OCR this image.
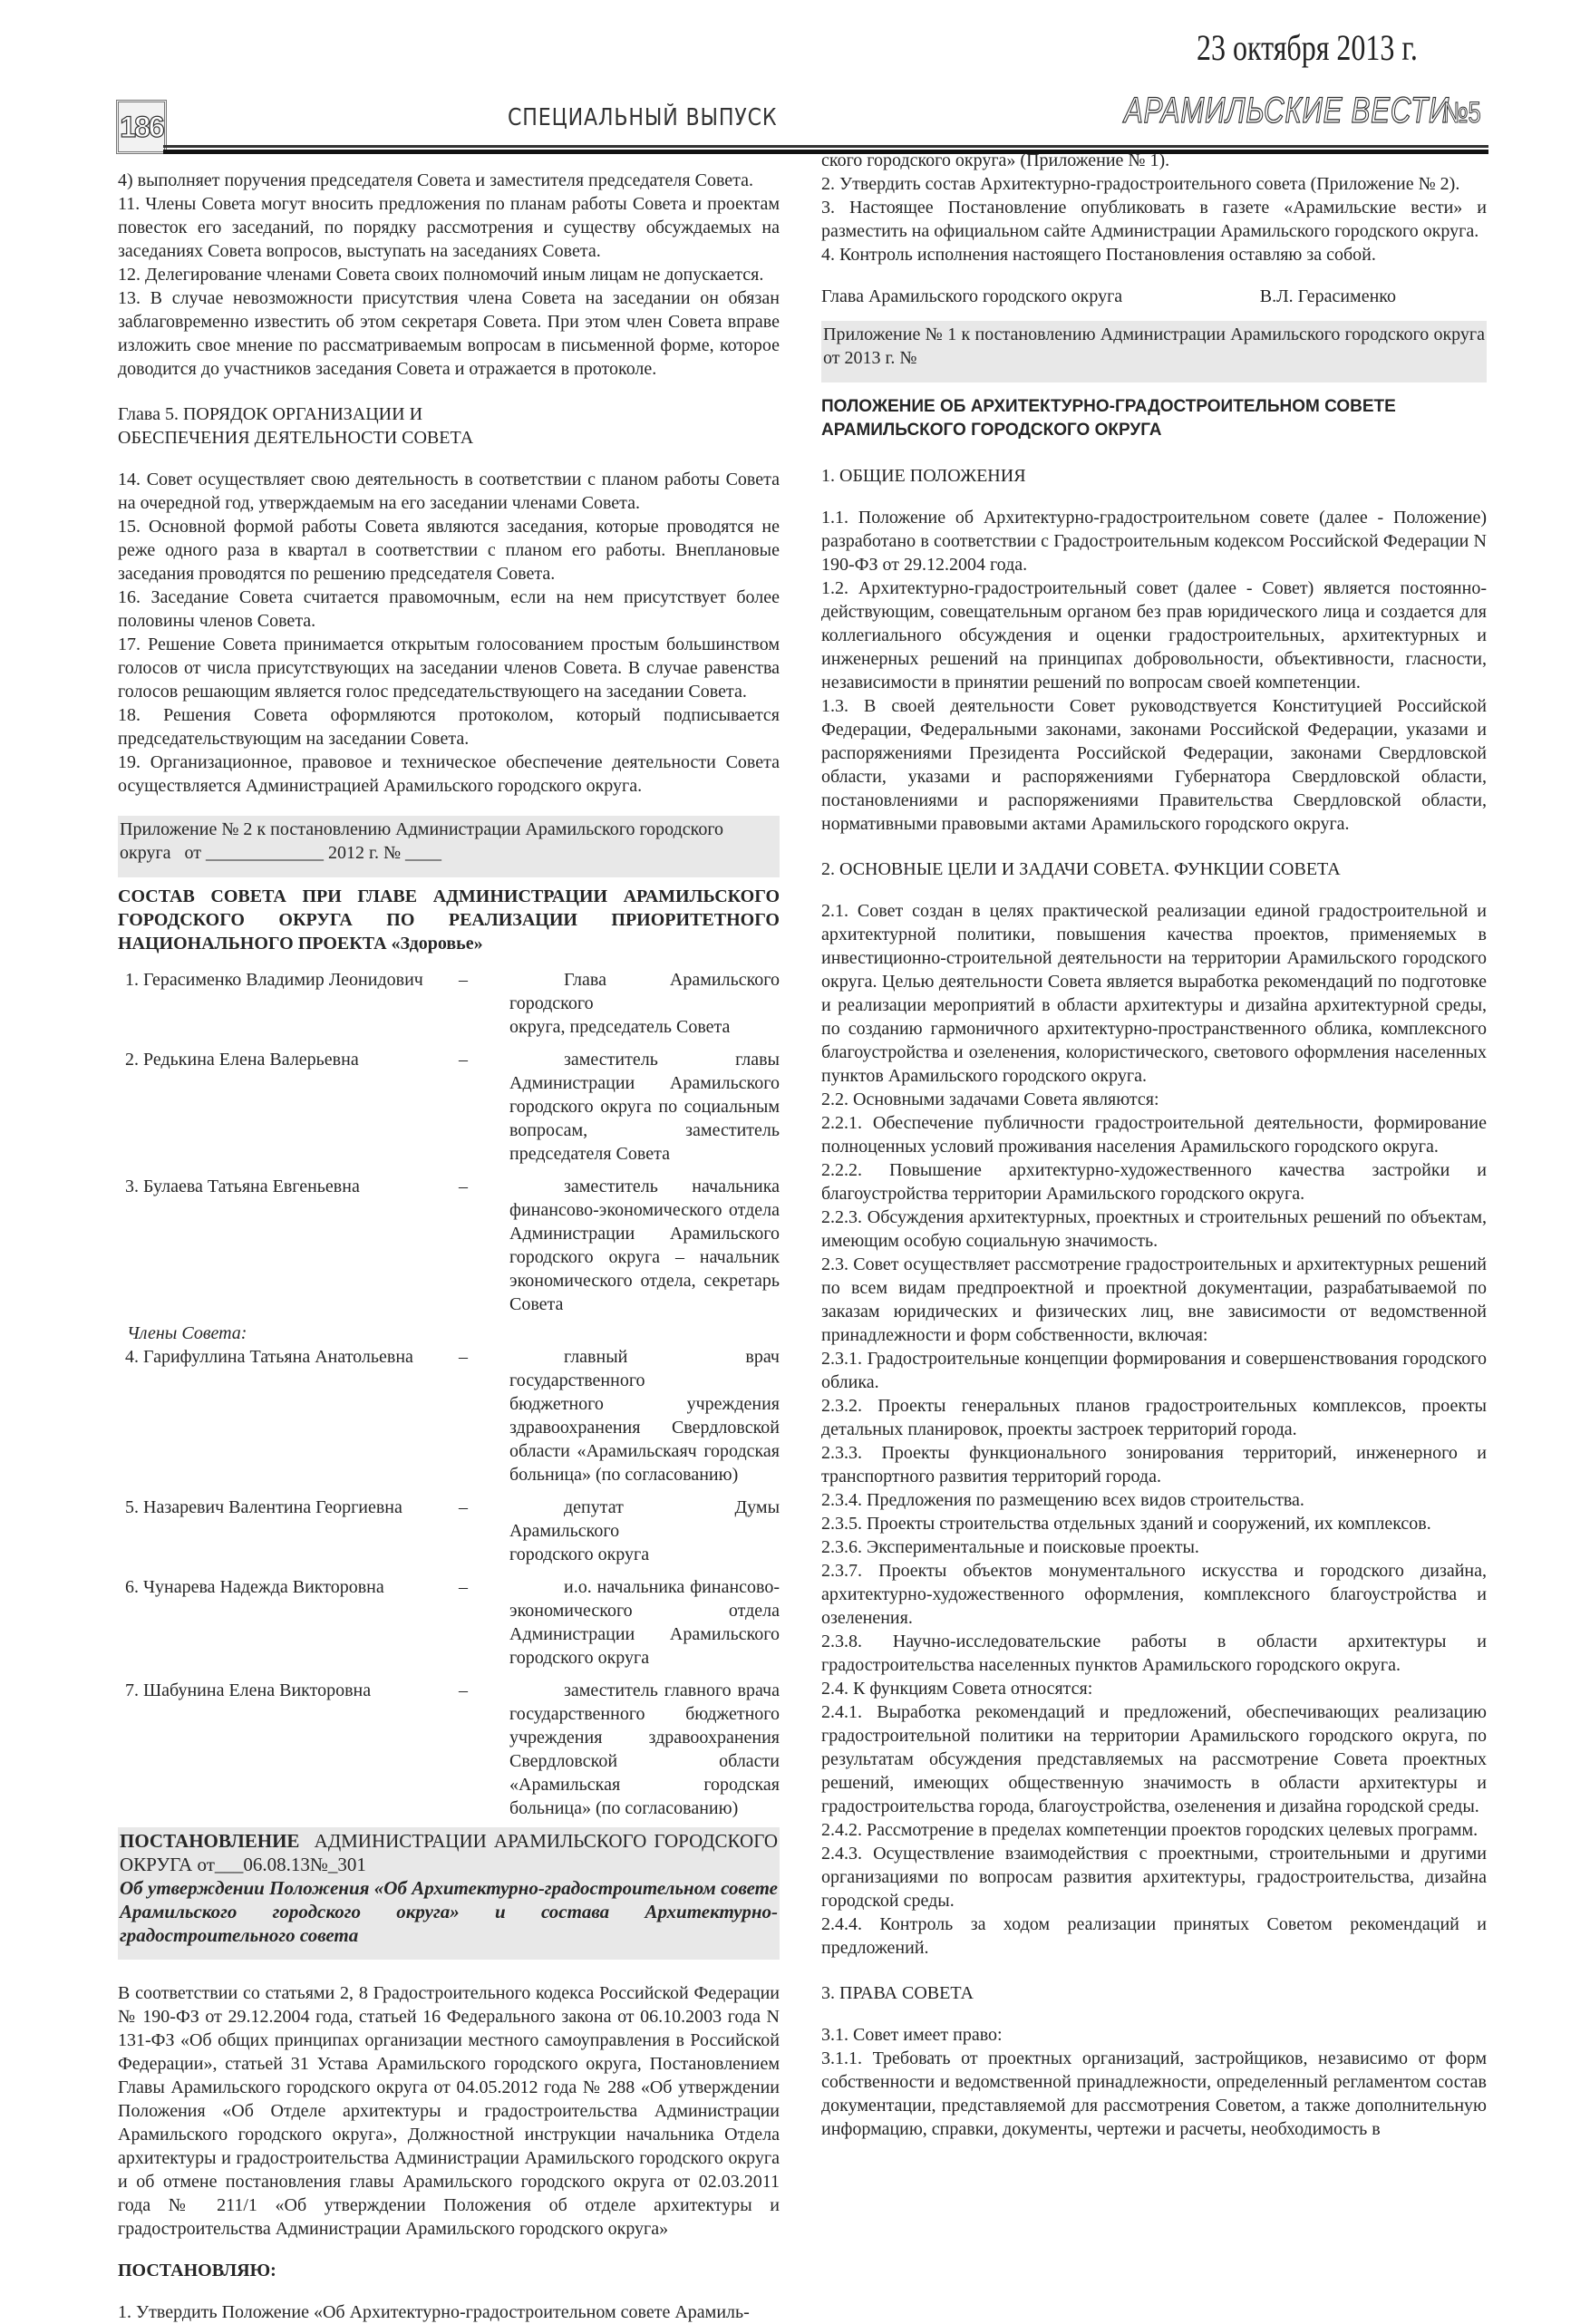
186	СПЕЦИАЛЬНЫЙ ВЫПУСК
23 октября 2013 г.
АРАМИЛЬСКИЕ ВЕСТИ
№5

4) выполняет поручения председателя Совета и заместителя председателя Совета.

11. Члены Совета могут вносить предложения по планам работы Совета и проектам повесток его заседаний, по порядку рассмотрения и существу обсуждаемых на заседаниях Совета вопросов, выступать на заседаниях Совета.

12. Делегирование членами Совета своих полномочий иным лицам не допускается.

13. В случае невозможности присутствия члена Совета на заседании он обязан заблаговременно известить об этом секретаря Совета. При этом член Совета вправе изложить свое мнение по рассматриваемым вопросам в письменной форме, которое доводится до участников заседания Совета и отражается в протоколе.

Глава 5. ПОРЯДОК ОРГАНИЗАЦИИ И
ОБЕСПЕЧЕНИЯ ДЕЯТЕЛЬНОСТИ СОВЕТА

14. Совет осуществляет свою деятельность в соответствии с планом работы Совета на очередной год, утверждаемым на его заседании членами Совета.

15. Основной формой работы Совета являются заседания, которые проводятся не реже одного раза в квартал в соответствии с планом его работы. Внеплановые заседания проводятся по решению председателя Совета.

16. Заседание Совета считается правомочным, если на нем присутствует более половины членов Совета.

17. Решение Совета принимается открытым голосованием простым большинством голосов от числа присутствующих на заседании членов Совета. В случае равенства голосов решающим является голос председательствующего на заседании Совета.

18. Решения Совета оформляются протоколом, который подписывается председательствующим на заседании Совета.

19. Организационное, правовое и техническое обеспечение деятельности Совета осуществляется Администрацией Арамильского городского округа.

Приложение № 2 к постановлению Администрации Арамильского городского
округа   от _____________ 2012 г. № ____
СОСТАВ СОВЕТА ПРИ ГЛАВЕ АДМИНИСТРАЦИИ АРАМИЛЬСКОГО ГОРОДСКОГО ОКРУГА ПО РЕАЛИЗАЦИИ ПРИОРИТЕТНОГО НАЦИОНАЛЬНОГО ПРОЕКТА «Здоровье»
1. Герасименко Владимир Леонидович	–	Глава Арамильского городского
округа, председатель Совета
2. Редькина Елена Валерьевна	–	заместитель главы
Администрации Арамильского городского округа по социальным вопросам, заместитель председателя Совета
3. Булаева Татьяна Евгеньевна	–	заместитель начальника
финансово-экономического отдела Администрации Арамильского городского округа – начальник экономического отдела, секретарь Совета
Члены Совета:
4. Гарифуллина Татьяна Анатольевна	–	главный врач государственного
бюджетного учреждения здравоохранения Свердловской области «Арамильскаяч городская больница» (по согласованию)
5. Назаревич Валентина Георгиевна	–	депутат Думы Арамильского
городского округа
6. Чунарева Надежда Викторовна	–	и.о. начальника финансово-
экономического отдела Администрации Арамильского городского округа
7. Шабунина Елена Викторовна	–	заместитель главного врача
государственного бюджетного учреждения здравоохранения Свердловской области «Арамильская городская больница» (по согласованию)

ПОСТАНОВЛЕНИЕ  АДМИНИСТРАЦИИ АРАМИЛЬСКОГО ГОРОДСКОГО ОКРУГА от___06.08.13№_301

Об утверждении Положения «Об Архитектурно-градостроительном совете Арамильского городского округа» и состава Архитектурно-градостроительного совета

В соответствии со статьями 2, 8 Градостроительного кодекса Российской Федерации № 190-ФЗ от 29.12.2004 года, статьей 16 Федерального закона от 06.10.2003 года N 131-ФЗ «Об общих принципах организации местного самоуправления в Российской Федерации», статьей 31 Устава Арамильского городского округа, Постановлением Главы Арамильского городского округа от 04.05.2012 года № 288 «Об утверждении Положения «Об Отделе архитектуры и градостроительства Администрации Арамильского городского округа», Должностной инструкции начальника Отдела архитектуры и градостроительства Администрации Арамильского городского округа и об отмене постановления главы Арамильского городского округа от 02.03.2011 года № 211/1 «Об утверждении Положения об отделе архитектуры и градостроительства Администрации Арамильского городского округа»

ПОСТАНОВЛЯЮ:

1. Утвердить Положение «Об Архитектурно-градостроительном совете Арамиль-

ского городского округа» (Приложение № 1).

2. Утвердить состав Архитектурно-градостроительного совета (Приложение № 2).

3. Настоящее Постановление опубликовать в газете «Арамильские вести» и разместить на официальном сайте Администрации Арамильского городского округа.

4. Контроль исполнения настоящего Постановления оставляю за собой.

Глава Арамильского городского округа	В.Л. Герасименко

Приложение № 1 к постановлению Администрации Арамильского городского округа от 2013 г. №

ПОЛОЖЕНИЕ ОБ АРХИТЕКТУРНО-ГРАДОСТРОИТЕЛЬНОМ СОВЕТЕ АРАМИЛЬСКОГО ГОРОДСКОГО ОКРУГА
1. ОБЩИЕ ПОЛОЖЕНИЯ

1.1. Положение об Архитектурно-градостроительном совете (далее - Положение) разработано в соответствии с Градостроительным кодексом Российской Федерации N 190-ФЗ от 29.12.2004 года.

1.2. Архитектурно-градостроительный совет (далее - Совет) является постоянно-действующим, совещательным органом без прав юридического лица и создается для коллегиального обсуждения и оценки градостроительных, архитектурных и инженерных решений на принципах добровольности, объективности, гласности, независимости в принятии решений по вопросам своей компетенции.

1.3. В своей деятельности Совет руководствуется Конституцией Российской Федерации, Федеральными законами, законами Российской Федерации, указами и распоряжениями Президента Российской Федерации, законами Свердловской области, указами и распоряжениями Губернатора Свердловской области, постановлениями и распоряжениями Правительства Свердловской области, нормативными правовыми актами Арамильского городского округа.

2. ОСНОВНЫЕ ЦЕЛИ И ЗАДАЧИ СОВЕТА. ФУНКЦИИ СОВЕТА

2.1. Совет создан в целях практической реализации единой градостроительной и архитектурной политики, повышения качества проектов, применяемых в инвестиционно-строительной деятельности на территории Арамильского городского округа. Целью деятельности Совета является выработка рекомендаций по подготовке и реализации мероприятий в области архитектуры и дизайна архитектурной среды, по созданию гармоничного архитектурно-пространственного облика, комплексного благоустройства и озеленения, колористического, светового оформления населенных пунктов Арамильского городского округа.

2.2. Основными задачами Совета являются:

2.2.1. Обеспечение публичности градостроительной деятельности, формирование полноценных условий проживания населения Арамильского городского округа.

2.2.2. Повышение архитектурно-художественного качества застройки и благоустройства территории Арамильского городского округа.

2.2.3. Обсуждения архитектурных, проектных и строительных решений по объектам, имеющим особую социальную значимость.

2.3. Совет осуществляет рассмотрение градостроительных и архитектурных решений по всем видам предпроектной и проектной документации, разрабатываемой по заказам юридических и физических лиц, вне зависимости от ведомственной принадлежности и форм собственности, включая:

2.3.1. Градостроительные концепции формирования и совершенствования городского облика.

2.3.2. Проекты генеральных планов градостроительных комплексов, проекты детальных планировок, проекты застроек территорий города.

2.3.3. Проекты функционального зонирования территорий, инженерного и транспортного развития территорий города.

2.3.4. Предложения по размещению всех видов строительства.

2.3.5. Проекты строительства отдельных зданий и сооружений, их комплексов.

2.3.6. Экспериментальные и поисковые проекты.

2.3.7. Проекты объектов монументального искусства и городского дизайна, архитектурно-художественного оформления, комплексного благоустройства и озеленения.

2.3.8. Научно-исследовательские работы в области архитектуры и градостроительства населенных пунктов Арамильского городского округа.

2.4. К функциям Совета относятся:

2.4.1. Выработка рекомендаций и предложений, обеспечивающих реализацию градостроительной политики на территории Арамильского городского округа, по результатам обсуждения представляемых на рассмотрение Совета проектных решений, имеющих общественную значимость в области архитектуры и градостроительства города, благоустройства, озеленения и дизайна городской среды.

2.4.2. Рассмотрение в пределах компетенции проектов городских целевых программ.

2.4.3. Осуществление взаимодействия с проектными, строительными и другими организациями по вопросам развития архитектуры, градостроительства, дизайна городской среды.

2.4.4. Контроль за ходом реализации принятых Советом рекомендаций и предложений.

3. ПРАВА СОВЕТА

3.1. Совет имеет право:

3.1.1. Требовать от проектных организаций, застройщиков, независимо от форм собственности и ведомственной принадлежности, определенный регламентом состав документации, представляемой для рассмотрения Советом, а также дополнительную информацию, справки, документы, чертежи и расчеты, необходимость в
